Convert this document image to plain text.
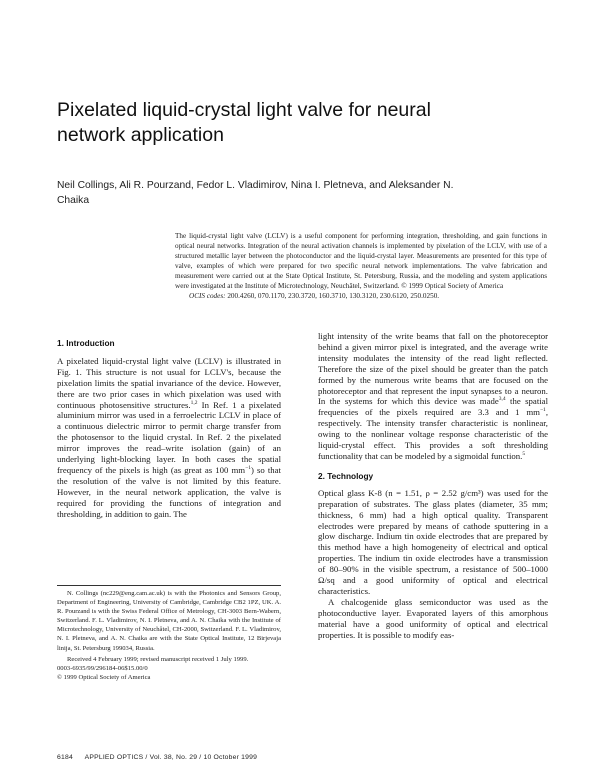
Pixelated liquid-crystal light valve for neural network application
Neil Collings, Ali R. Pourzand, Fedor L. Vladimirov, Nina I. Pletneva, and Aleksander N. Chaika

The liquid-crystal light valve (LCLV) is a useful component for performing integration, thresholding, and gain functions in optical neural networks. Integration of the neural activation channels is implemented by pixelation of the LCLV, with use of a structured metallic layer between the photoconductor and the liquid-crystal layer. Measurements are presented for this type of valve, examples of which were prepared for two specific neural network implementations. The valve fabrication and measurement were carried out at the State Optical Institute, St. Petersburg, Russia, and the modeling and system applications were investigated at the Institute of Microtechnology, Neuchâtel, Switzerland. © 1999 Optical Society of America

OCIS codes: 200.4260, 070.1170, 230.3720, 160.3710, 130.3120, 230.6120, 250.0250.

1. Introduction

A pixelated liquid-crystal light valve (LCLV) is illustrated in Fig. 1. This structure is not usual for LCLV's, because the pixelation limits the spatial invariance of the device. However, there are two prior cases in which pixelation was used with continuous photosensitive structures.$^{1,2}$ In Ref. 1 a pixelated aluminium mirror was used in a ferroelectric LCLV in place of a continuous dielectric mirror to permit charge transfer from the photosensor to the liquid crystal. In Ref. 2 the pixelated mirror improves the read–write isolation (gain) of an underlying light-blocking layer. In both cases the spatial frequency of the pixels is high (as great as 100 $mm^{-1}$) so that the resolution of the valve is not limited by this feature. However, in the neural network application, the valve is required for providing the functions of integration and thresholding, in addition to gain. The

N. Collings (nc229@eng.cam.ac.uk) is with the Photonics and Sensors Group, Department of Engineering, University of Cambridge, Cambridge CB2 1PZ, UK. A. R. Pourzand is with the Swiss Federal Office of Metrology, CH-3003 Bern-Wabern, Switzerland. F. L. Vladimirov, N. I. Pletneva, and A. N. Chaika with the Institute of Microtechnology, University of Neuchâtel, CH-2000, Switzerland. F. L. Vladimirov, N. I. Pletneva, and A. N. Chaika are with the State Optical Institute, 12 Birjevaja linija, St. Petersburg 199034, Russia.

Received 4 February 1999; revised manuscript received 1 July 1999.

0003-6935/99/296184-06$15.00/0

© 1999 Optical Society of America

light intensity of the write beams that fall on the photoreceptor behind a given mirror pixel is integrated, and the average write intensity modulates the intensity of the read light reflected. Therefore the size of the pixel should be greater than the patch formed by the numerous write beams that are focused on the photoreceptor and that represent the input synapses to a neuron. In the systems for which this device was made$^{3,4}$ the spatial frequencies of the pixels required are 3.3 and 1 $mm^{-1}$, respectively. The intensity transfer characteristic is nonlinear, owing to the nonlinear voltage response characteristic of the liquid-crystal effect. This provides a soft thresholding functionality that can be modeled by a sigmoidal function.$^5$

2. Technology

Optical glass K-8 (n = 1.51, ρ = 2.52 g/cm³) was used for the preparation of substrates. The glass plates (diameter, 35 mm; thickness, 6 mm) had a high optical quality. Transparent electrodes were prepared by means of cathode sputtering in a glow discharge. Indium tin oxide electrodes that are prepared by this method have a high homogeneity of electrical and optical properties. The indium tin oxide electrodes have a transmission of 80–90% in the visible spectrum, a resistance of 500–1000 Ω/sq and a good uniformity of optical and electrical characteristics.

A chalcogenide glass semiconductor was used as the photoconductive layer. Evaporated layers of this amorphous material have a good uniformity of optical and electrical properties. It is possible to modify eas-

6184 APPLIED OPTICS / Vol. 38, No. 29 / 10 October 1999
